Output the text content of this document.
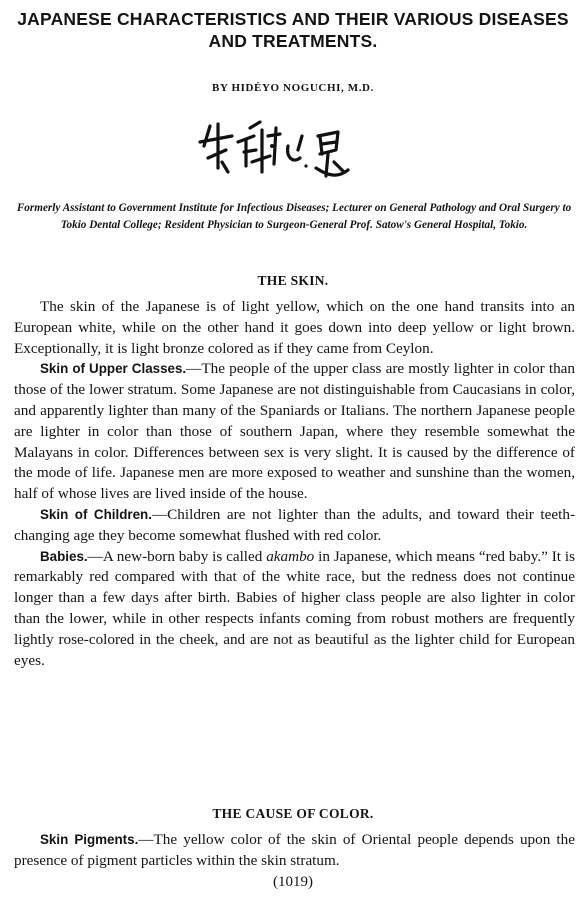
JAPANESE CHARACTERISTICS AND THEIR VARIOUS DISEASES AND TREATMENTS.
BY HIDÉYO NOGUCHI, M.D.
Formerly Assistant to Government Institute for Infectious Diseases; Lecturer on General Pathology and Oral Surgery to Tokio Dental College; Resident Physician to Surgeon-General Prof. Satow's General Hospital, Tokio.
THE SKIN.

The skin of the Japanese is of light yellow, which on the one hand transits into an European white, while on the other hand it goes down into deep yellow or light brown. Exceptionally, it is light bronze colored as if they came from Ceylon.

Skin of Upper Classes.—The people of the upper class are mostly lighter in color than those of the lower stratum. Some Japanese are not distinguishable from Caucasians in color, and apparently lighter than many of the Spaniards or Italians. The northern Japanese people are lighter in color than those of southern Japan, where they resemble somewhat the Malayans in color. Differences between sex is very slight. It is caused by the difference of the mode of life. Japanese men are more exposed to weather and sunshine than the women, half of whose lives are lived inside of the house.

Skin of Children.—Children are not lighter than the adults, and toward their teeth-changing age they become somewhat flushed with red color.

Babies.—A new-born baby is called akambo in Japanese, which means “red baby.” It is remarkably red compared with that of the white race, but the redness does not continue longer than a few days after birth. Babies of higher class people are also lighter in color than the lower, while in other respects infants coming from robust mothers are frequently lightly rose-colored in the cheek, and are not as beautiful as the lighter child for European eyes.

THE CAUSE OF COLOR.

Skin Pigments.—The yellow color of the skin of Oriental people depends upon the presence of pigment particles within the skin stratum.

(1019)
